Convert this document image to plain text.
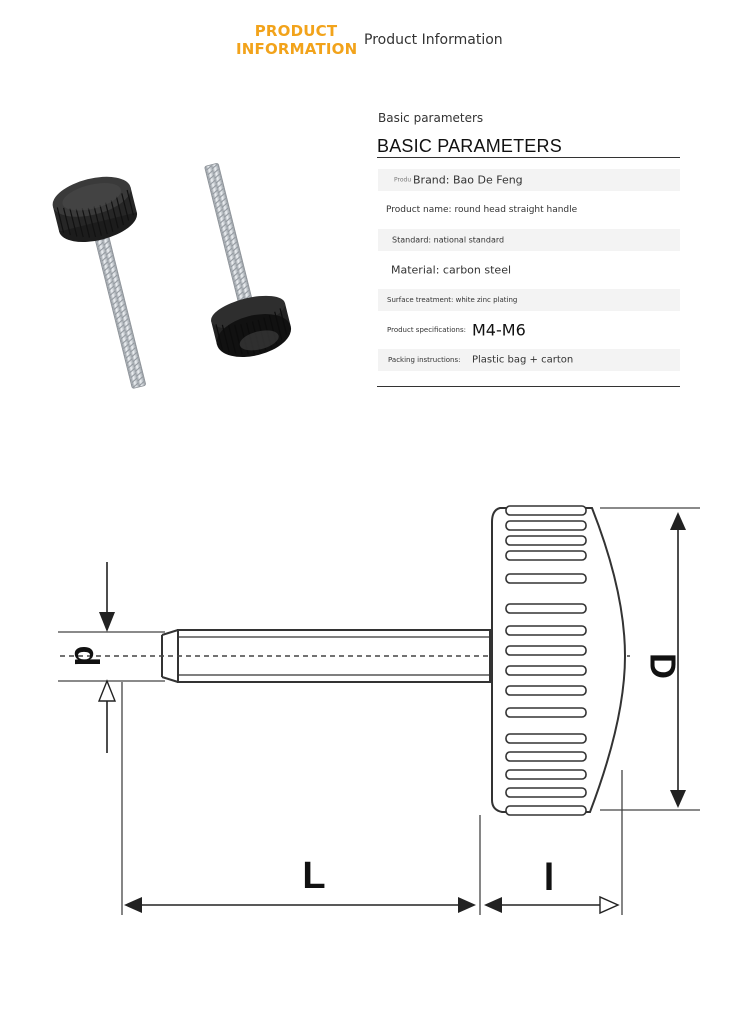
PRODUCT
INFORMATION Product Information
Basic parameters
BASIC PARAMETERS
Produ Brand: Bao De Feng
Product name: round head straight handle
Standard: national standard
Material: carbon steel
Surface treatment: white zinc plating
Product specifications: M4-M6
Packing instructions: Plastic bag + carton
d	D
L	l
